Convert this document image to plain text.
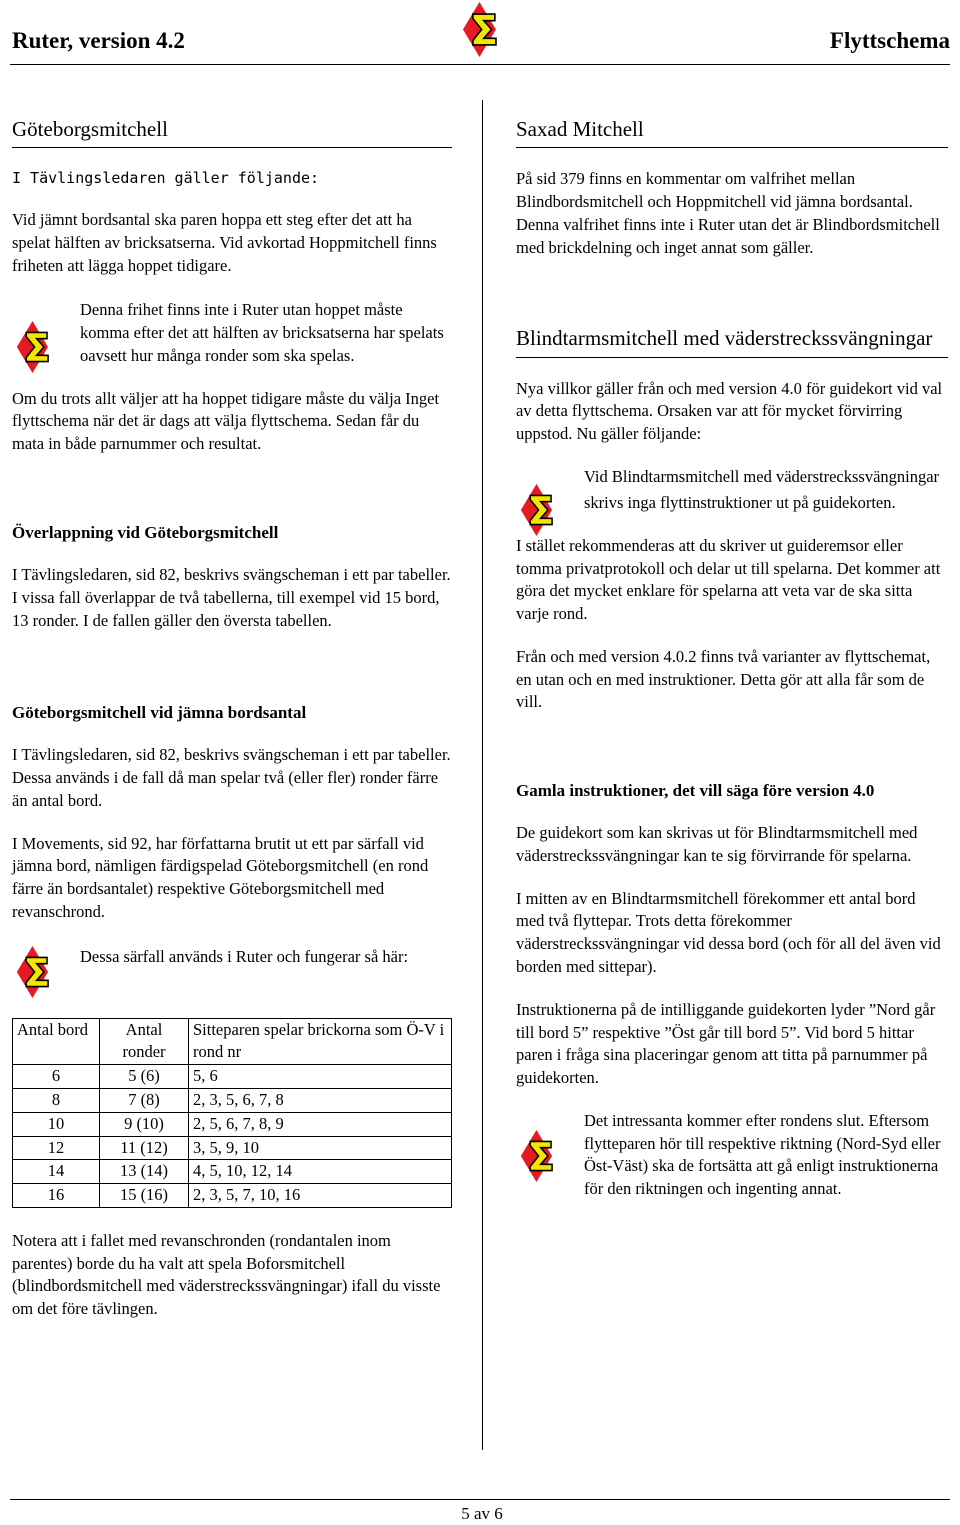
Ruter, version 4.2	Flyttschema
Göteborgsmitchell

I Tävlingsledaren gäller följande:

Vid jämnt bordsantal ska paren hoppa ett steg efter det att ha spelat hälften av bricksatserna. Vid avkortad Hoppmitchell finns friheten att lägga hoppet tidigare.

Denna frihet finns inte i Ruter utan hoppet måste komma efter det att hälften av bricksatserna har spelats oavsett hur många ronder som ska spelas.

Om du trots allt väljer att ha hoppet tidigare måste du välja Inget flyttschema när det är dags att välja flyttschema. Sedan får du mata in både parnummer och resultat.

Överlappning vid Göteborgsmitchell

I Tävlingsledaren, sid 82, beskrivs svängscheman i ett par tabeller. I vissa fall överlappar de två tabellerna, till exempel vid 15 bord, 13 ronder. I de fallen gäller den översta tabellen.

Göteborgsmitchell vid jämna bordsantal

I Tävlingsledaren, sid 82, beskrivs svängscheman i ett par tabeller. Dessa används i de fall då man spelar två (eller fler) ronder färre än antal bord.

I Movements, sid 92, har författarna brutit ut ett par särfall vid jämna bord, nämligen färdigspelad Göteborgsmitchell (en rond färre än bordsantalet) respektive Göteborgsmitchell med revanschrond.

Dessa särfall används i Ruter och fungerar så här:

Antal bord	Antal ronder	Sitteparen spelar brickorna som Ö-V i rond nr
6	5 (6)	5, 6
8	7 (8)	2, 3, 5, 6, 7, 8
10	9 (10)	2, 5, 6, 7, 8, 9
12	11 (12)	3, 5, 9, 10
14	13 (14)	4, 5, 10, 12, 14
16	15 (16)	2, 3, 5, 7, 10, 16

Notera att i fallet med revanschronden (rondantalen inom parentes) borde du ha valt att spela Boforsmitchell (blindbordsmitchell med väderstreckssvängningar) ifall du visste om det före tävlingen.

Saxad Mitchell

På sid 379 finns en kommentar om valfrihet mellan Blindbordsmitchell och Hoppmitchell vid jämna bordsantal. Denna valfrihet finns inte i Ruter utan det är Blindbordsmitchell med brickdelning och inget annat som gäller.

Blindtarmsmitchell med väderstreckssvängningar

Nya villkor gäller från och med version 4.0 för guidekort vid val av detta flyttschema. Orsaken var att för mycket förvirring uppstod. Nu gäller följande:

Vid Blindtarmsmitchell med väderstreckssvängningar skrivs inga flyttinstruktioner ut på guidekorten.

I stället rekommenderas att du skriver ut guideremsor eller tomma privatprotokoll och delar ut till spelarna. Det kommer att göra det mycket enklare för spelarna att veta var de ska sitta varje rond.

Från och med version 4.0.2 finns två varianter av flyttschemat, en utan och en med instruktioner. Detta gör att alla får som de vill.

Gamla instruktioner, det vill säga före version 4.0

De guidekort som kan skrivas ut för Blindtarmsmitchell med väderstreckssvängningar kan te sig förvirrande för spelarna.

I mitten av en Blindtarmsmitchell förekommer ett antal bord med två flyttepar. Trots detta förekommer väderstreckssvängningar vid dessa bord (och för all del även vid borden med sittepar).

Instruktionerna på de intilliggande guidekorten lyder ”Nord går till bord 5” respektive ”Öst går till bord 5”. Vid bord 5 hittar paren i fråga sina placeringar genom att titta på parnummer på guidekorten.

Det intressanta kommer efter rondens slut. Eftersom flytteparen hör till respektive riktning (Nord-Syd eller Öst-Väst) ska de fortsätta att gå enligt instruktionerna för den riktningen och ingenting annat.

5 av 6
